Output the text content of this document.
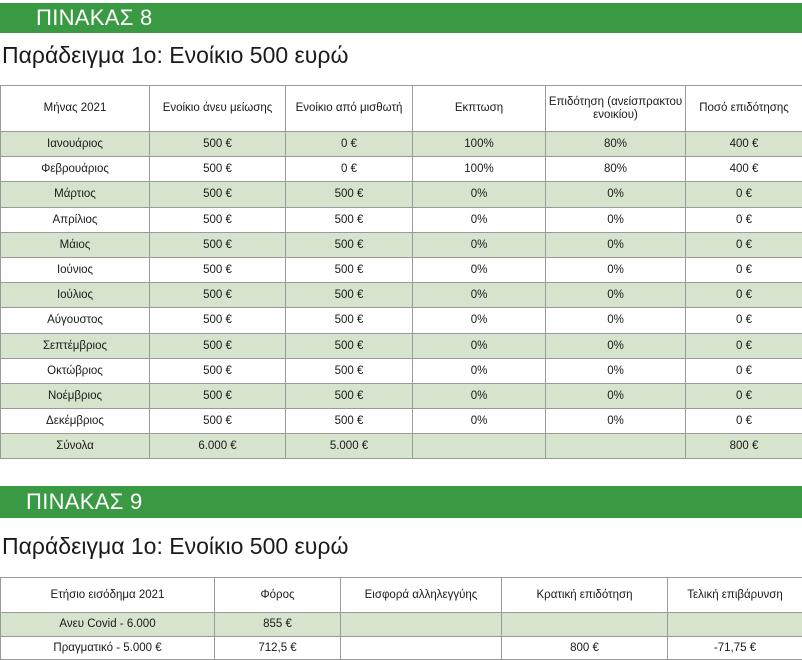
ΠΙΝΑΚΑΣ 8
Παράδειγμα 1ο: Ενοίκιο 500 ευρώ
Μήνας 2021	Ενοίκιο άνευ μείωσης	Ενοίκιο από μισθωτή	Εκπτωση	Επιδότηση (ανείσπρακτου ενοικίου)	Ποσό επιδότησης
Ιανουάριος	500 €	0 €	100%	80%	400 €
Φεβρουάριος	500 €	0 €	100%	80%	400 €
Μάρτιος	500 €	500 €	0%	0%	0 €
Απρίλιος	500 €	500 €	0%	0%	0 €
Μάιος	500 €	500 €	0%	0%	0 €
Ιούνιος	500 €	500 €	0%	0%	0 €
Ιούλιος	500 €	500 €	0%	0%	0 €
Αύγουστος	500 €	500 €	0%	0%	0 €
Σεπτέμβριος	500 €	500 €	0%	0%	0 €
Οκτώβριος	500 €	500 €	0%	0%	0 €
Νοέμβριος	500 €	500 €	0%	0%	0 €
Δεκέμβριος	500 €	500 €	0%	0%	0 €
Σύνολα	6.000 €	5.000 €			800 €
ΠΙΝΑΚΑΣ 9
Παράδειγμα 1ο: Ενοίκιο 500 ευρώ
Ετήσιο εισόδημα 2021	Φόρος	Εισφορά αλληλεγγύης	Κρατική επιδότηση	Τελική επιβάρυνση
Ανευ Covid - 6.000	855 €			
Πραγματικό - 5.000 €	712,5 €		800 €	-71,75 €
